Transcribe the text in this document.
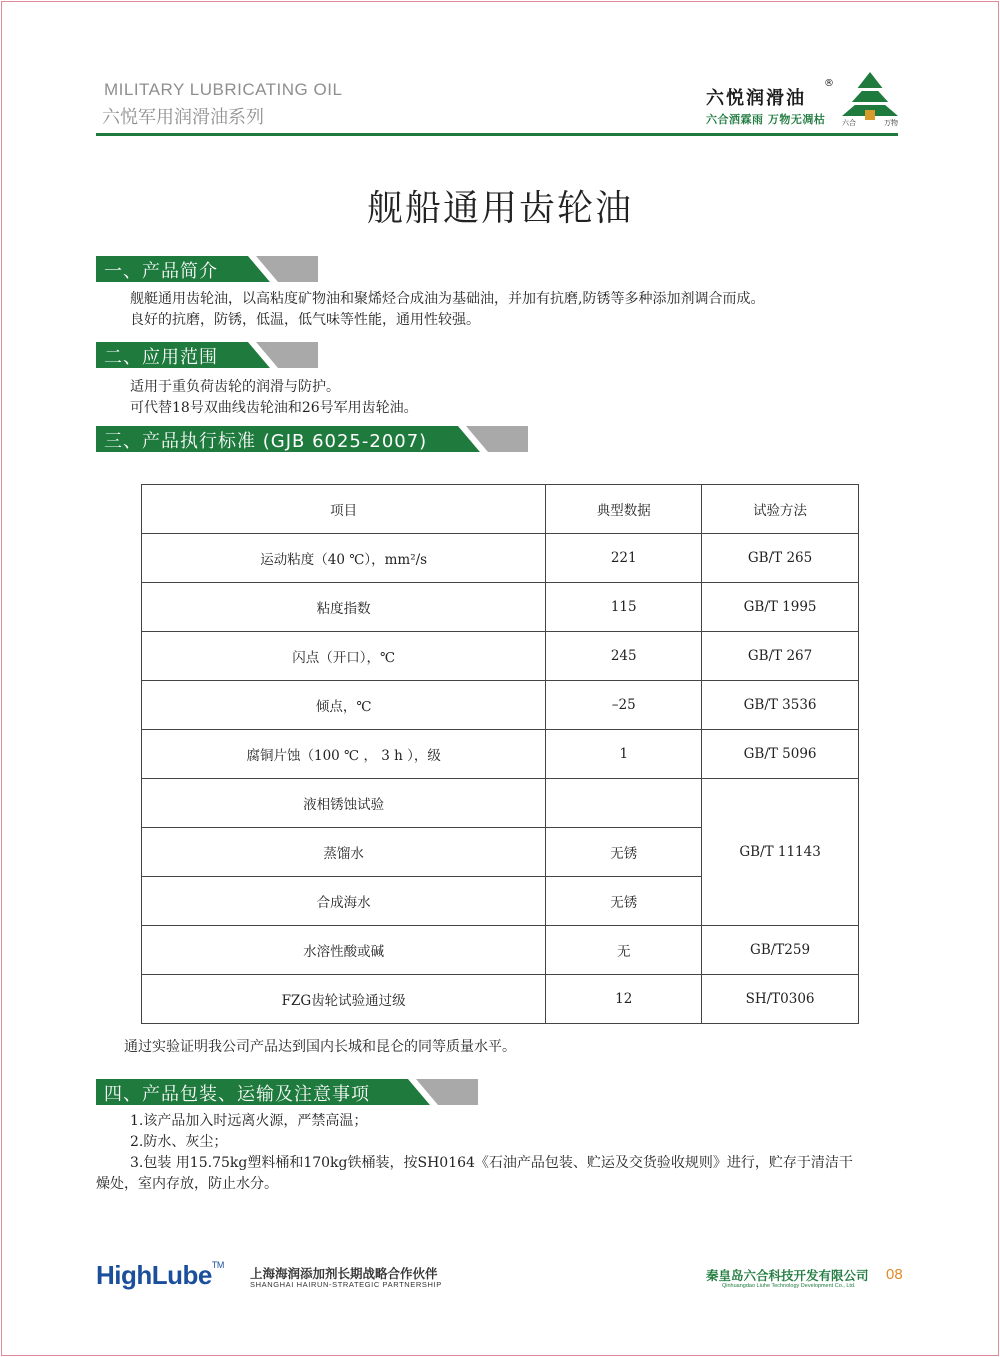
MILITARY LUBRICATING OIL
六悦军用润滑油系列
六悦润滑油
®
六合洒霖雨 万物无凋枯 六合	万物
舰船通用齿轮油
一、产品简介
舰艇通用齿轮油，以高粘度矿物油和聚烯烃合成油为基础油，并加有抗磨,防锈等多种添加剂调合而成。
良好的抗磨，防锈，低温，低气味等性能，通用性较强。
二、应用范围
适用于重负荷齿轮的润滑与防护。
可代替18号双曲线齿轮油和26号军用齿轮油。
三、产品执行标准 (GJB 6025-2007)
项目	典型数据	试验方法
运动粘度（40 ℃），mm²/s	221	GB/T 265
粘度指数	115	GB/T 1995
闪点（开口），℃	245	GB/T 267
倾点，℃	–25	GB/T 3536
腐铜片蚀（100 ℃ ， 3 h ），级	1	GB/T 5096
液相锈蚀试验		GB/T 11143
蒸馏水	无锈	
合成海水	无锈	
水溶性酸或碱	无	GB/T259
FZG齿轮试验通过级	12	SH/T0306
通过实验证明我公司产品达到国内长城和昆仑的同等质量水平。
四、产品包装、运输及注意事项
1.该产品加入时远离火源，严禁高温；
2.防水、灰尘；
3.包装 用15.75kg塑料桶和170kg铁桶装，按SH0164《石油产品包装、贮运及交货验收规则》进行，贮存于清洁干
燥处，室内存放，防止水分。
HighLube™
上海海润添加剂长期战略合作伙伴
SHANGHAI HAIRUN-STRATEGIC PARTNERSHIP
秦皇岛六合科技开发有限公司
Qinhuangdao Liuhe Technology Development Co., Ltd.
08
